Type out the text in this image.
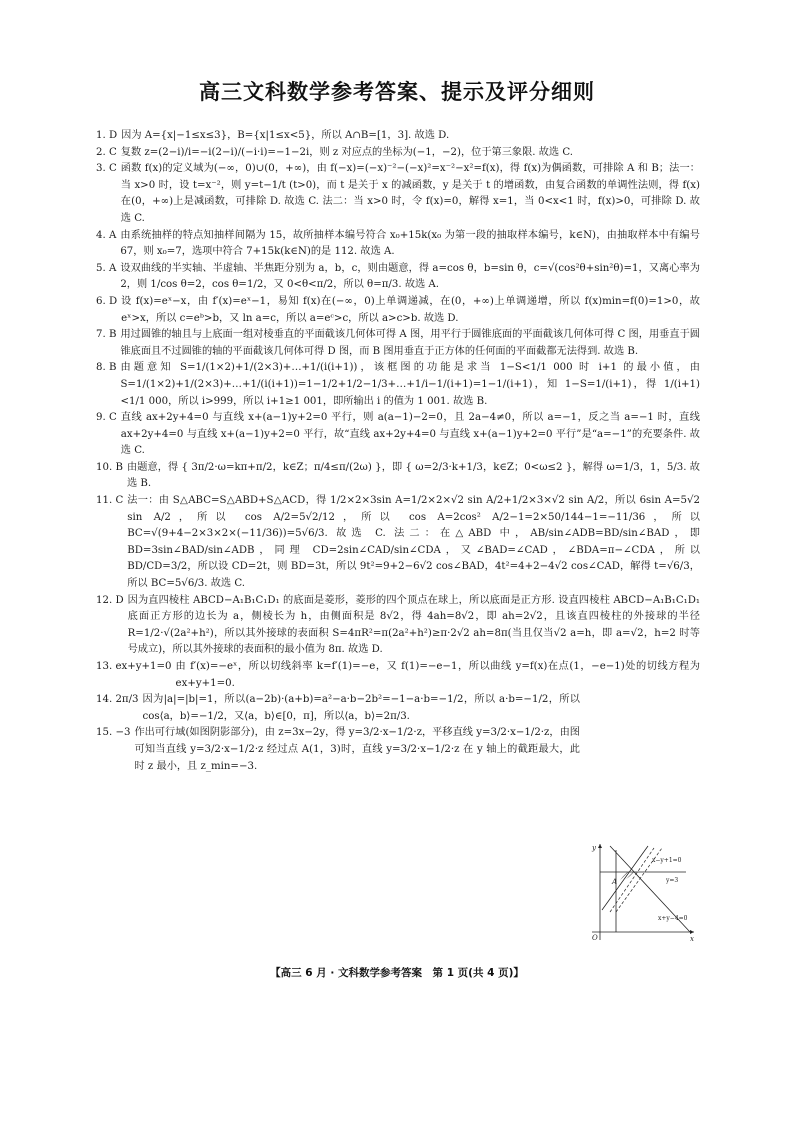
高三文科数学参考答案、提示及评分细则
1. D 因为 A={x|−1≤x≤3}，B={x|1≤x<5}，所以 A∩B=[1，3]. 故选 D.
2. C 复数 z=(2−i)/i=−i(2−i)/(−i·i)=−1−2i，则 z 对应点的坐标为(−1，−2)，位于第三象限. 故选 C.
3. C 函数 f(x)的定义域为(−∞，0)∪(0，+∞)，由 f(−x)=(−x)⁻²−(−x)²=x⁻²−x²=f(x)，得 f(x)为偶函数，可排除 A 和 B；法一：当 x>0 时，设 t=x⁻²，则 y=t−1/t (t>0)，而 t 是关于 x 的减函数，y 是关于 t 的增函数，由复合函数的单调性法则，得 f(x)在(0，+∞)上是减函数，可排除 D. 故选 C. 法二：当 x>0 时，令 f(x)=0，解得 x=1，当 0<x<1 时，f(x)>0，可排除 D. 故选 C.
4. A 由系统抽样的特点知抽样间隔为 15，故所抽样本编号符合 x₀+15k(x₀ 为第一段的抽取样本编号，k∈N)，由抽取样本中有编号 67，则 x₀=7，选项中符合 7+15k(k∈N)的是 112. 故选 A.
5. A 设双曲线的半实轴、半虚轴、半焦距分别为 a，b，c，则由题意，得 a=cos θ，b=sin θ，c=√(cos²θ+sin²θ)=1，又离心率为 2，则 1/cos θ=2，cos θ=1/2，又 0<θ<π/2，所以 θ=π/3. 故选 A.
6. D 设 f(x)=eˣ−x，由 f′(x)=eˣ−1，易知 f(x)在(−∞，0)上单调递减，在(0，+∞)上单调递增，所以 f(x)min=f(0)=1>0，故 eˣ>x，所以 c=eᵇ>b，又 ln a=c，所以 a=eᶜ>c，所以 a>c>b. 故选 D.
7. B 用过圆锥的轴且与上底面一组对棱垂直的平面截该几何体可得 A 图，用平行于圆锥底面的平面截该几何体可得 C 图，用垂直于圆锥底面且不过圆锥的轴的平面截该几何体可得 D 图，而 B 图用垂直于正方体的任何面的平面截都无法得到. 故选 B.
8. B 由题意知 S=1/(1×2)+1/(2×3)+…+1/(i(i+1))，该框图的功能是求当 1−S<1/1 000 时 i+1 的最小值，由 S=1/(1×2)+1/(2×3)+…+1/(i(i+1))=1−1/2+1/2−1/3+…+1/i−1/(i+1)=1−1/(i+1)，知 1−S=1/(i+1)，得 1/(i+1)<1/1 000，所以 i>999，所以 i+1≥1 001，即所输出 i 的值为 1 001. 故选 B.
9. C 直线 ax+2y+4=0 与直线 x+(a−1)y+2=0 平行，则 a(a−1)−2=0，且 2a−4≠0，所以 a=−1，反之当 a=−1 时，直线 ax+2y+4=0 与直线 x+(a−1)y+2=0 平行，故“直线 ax+2y+4=0 与直线 x+(a−1)y+2=0 平行”是“a=−1”的充要条件. 故选 C.
10. B 由题意，得 { 3π/2·ω=kπ+π/2，k∈Z；π/4≤π/(2ω) }，即 { ω=2/3·k+1/3，k∈Z；0<ω≤2 }，解得 ω=1/3，1，5/3. 故选 B.
11. C 法一：由 S△ABC=S△ABD+S△ACD，得 1/2×2×3sin A=1/2×2×√2 sin A/2+1/2×3×√2 sin A/2，所以 6sin A=5√2 sin A/2，所以 cos A/2=5√2/12，所以 cos A=2cos² A/2−1=2×50/144−1=−11/36，所以 BC=√(9+4−2×3×2×(−11/36))=5√6/3. 故选 C. 法二：在△ABD 中，AB/sin∠ADB=BD/sin∠BAD，即 BD=3sin∠BAD/sin∠ADB，同理 CD=2sin∠CAD/sin∠CDA，又∠BAD=∠CAD，∠BDA=π−∠CDA，所以 BD/CD=3/2，所以设 CD=2t，则 BD=3t，所以 9t²=9+2−6√2 cos∠BAD，4t²=4+2−4√2 cos∠CAD，解得 t=√6/3，所以 BC=5√6/3. 故选 C.
12. D 因为直四棱柱 ABCD−A₁B₁C₁D₁ 的底面是菱形，菱形的四个顶点在球上，所以底面是正方形. 设直四棱柱 ABCD−A₁B₁C₁D₁ 底面正方形的边长为 a，侧棱长为 h，由侧面积是 8√2，得 4ah=8√2，即 ah=2√2，且该直四棱柱的外接球的半径 R=1/2·√(2a²+h²)，所以其外接球的表面积 S=4πR²=π(2a²+h²)≥π·2√2 ah=8π(当且仅当√2 a=h，即 a=√2，h=2 时等号成立)，所以其外接球的表面积的最小值为 8π. 故选 D.
13. ex+y+1=0 由 f′(x)=−eˣ，所以切线斜率 k=f′(1)=−e，又 f(1)=−e−1，所以曲线 y=f(x)在点(1，−e−1)处的切线方程为 ex+y+1=0.
14. 2π/3 因为|a|=|b|=1，所以(a−2b)·(a+b)=a²−a·b−2b²=−1−a·b=−1/2，所以 a·b=−1/2，所以 cos⟨a，b⟩=−1/2，又⟨a，b⟩∈[0，π]，所以⟨a，b⟩=2π/3.
15. −3 作出可行域(如图阴影部分)，由 z=3x−2y，得 y=3/2·x−1/2·z，平移直线 y=3/2·x−1/2·z，由图可知当直线 y=3/2·x−1/2·z 经过点 A(1，3)时，直线 y=3/2·x−1/2·z 在 y 轴上的截距最大，此时 z 最小，且 z_min=−3.
y
x
O
A
x−y+1=0
y=3
x+y−4=0
【高三 6 月 · 文科数学参考答案　第 1 页(共 4 页)】
